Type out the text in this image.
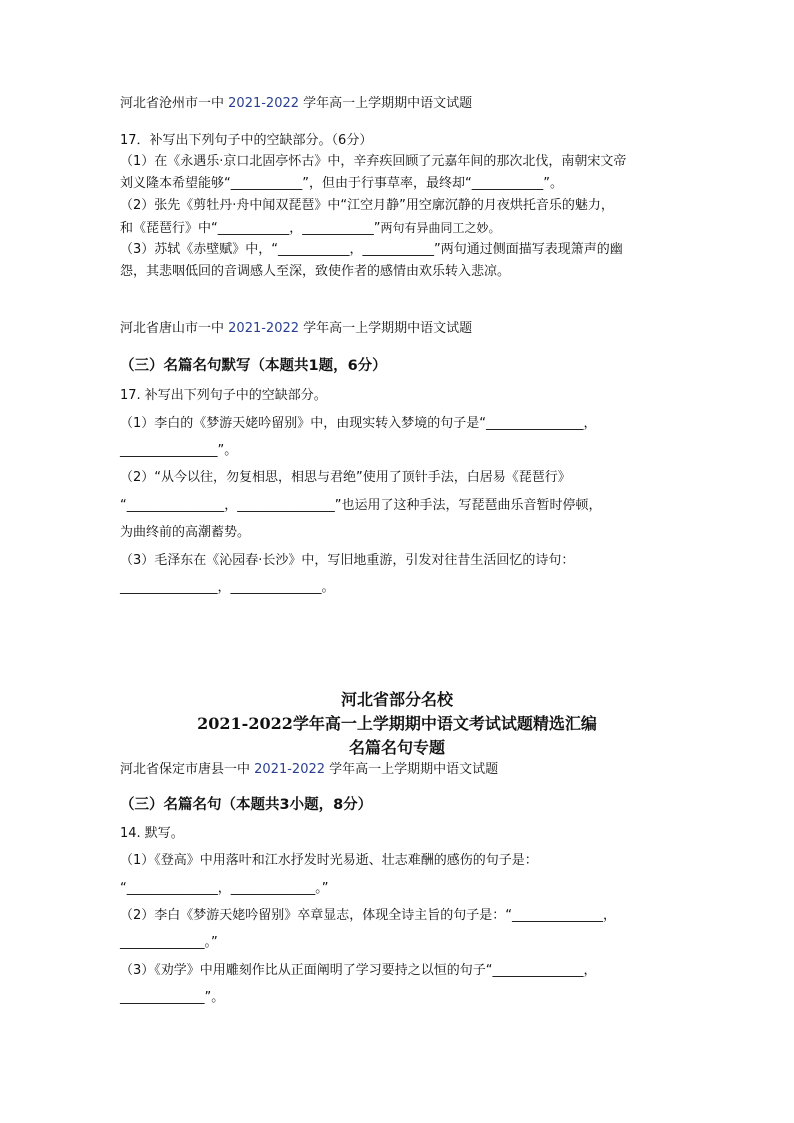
河北省沧州市一中 2021-2022 学年高一上学期期中语文试题
17．补写出下列句子中的空缺部分。（6分）
（1）在《永遇乐·京口北固亭怀古》中，辛弃疾回顾了元嘉年间的那次北伐，南朝宋文帝
刘义隆本希望能够“___________”，但由于行事草率，最终却“___________”。
（2）张先《剪牡丹·舟中闻双琵琶》中“江空月静”用空廓沉静的月夜烘托音乐的魅力，
和《琵琶行》中“___________，___________”两句有异曲同工之妙。
（3）苏轼《赤壁赋》中，“___________，___________”两句通过侧面描写表现箫声的幽
怨，其悲咽低回的音调感人至深，致使作者的感情由欢乐转入悲凉。
河北省唐山市一中 2021-2022 学年高一上学期期中语文试题
（三）名篇名句默写（本题共1题，6分）
17. 补写出下列句子中的空缺部分。
（1）李白的《梦游天姥吟留别》中，由现实转入梦境的句子是“_______________，
_______________”。
（2）“从今以往，勿复相思，相思与君绝”使用了顶针手法，白居易《琵琶行》
“_______________，_______________”也运用了这种手法，写琵琶曲乐音暂时停顿，
为曲终前的高潮蓄势。
（3）毛泽东在《沁园春·长沙》中，写旧地重游，引发对往昔生活回忆的诗句：
_______________，______________。
河北省部分名校
2021-2022学年高一上学期期中语文考试试题精选汇编
名篇名句专题
河北省保定市唐县一中 2021-2022 学年高一上学期期中语文试题
（三）名篇名句（本题共3小题，8分）
14. 默写。
（1）《登高》中用落叶和江水抒发时光易逝、壮志难酬的感伤的句子是：
“______________，_____________。”
（2）李白《梦游天姥吟留别》卒章显志，体现全诗主旨的句子是：“______________，
_____________。”
（3）《劝学》中用雕刻作比从正面阐明了学习要持之以恒的句子“______________，
_____________”。
